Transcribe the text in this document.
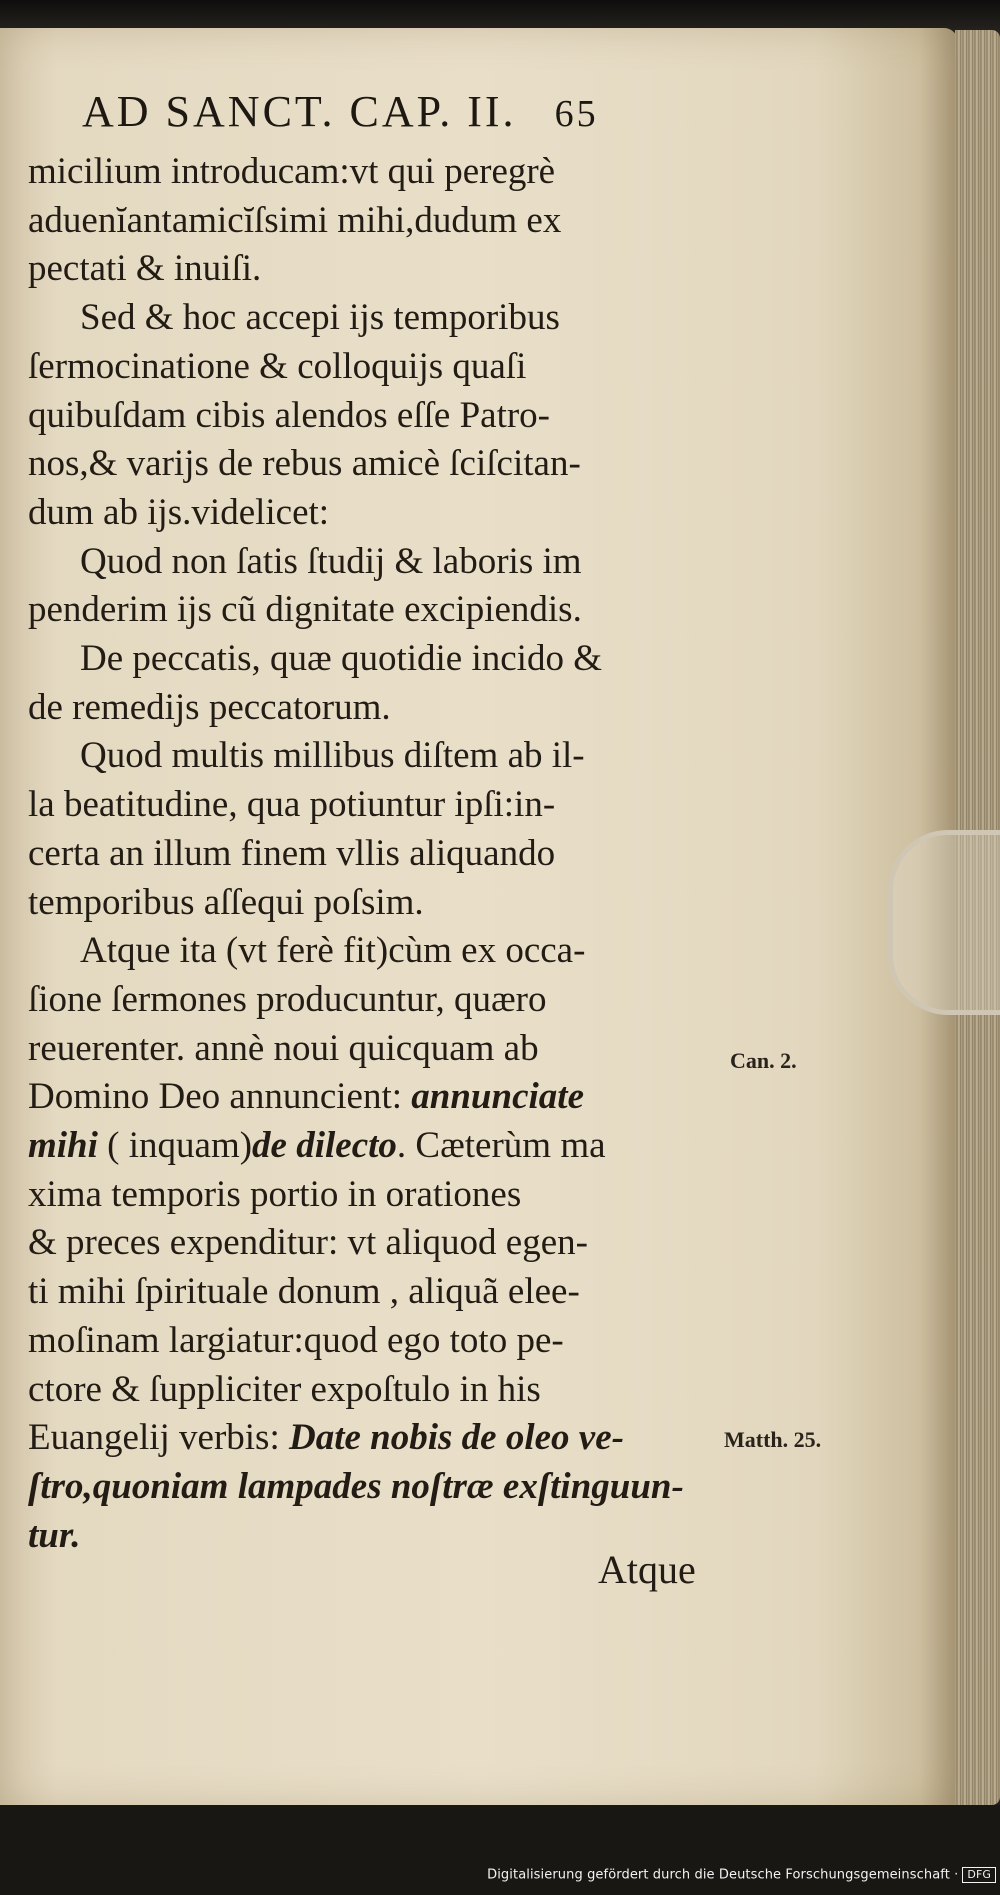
AD SANCT. CAP. II. 65
micilium introducam:vt qui peregrè
aduenĭantamicĭſsimi mihi,dudum ex
pectati & inuiſi.
Sed & hoc accepi ijs temporibus
ſermocinatione & colloquijs quaſi
quibuſdam cibis alendos eſſe Patro-
nos,& varijs de rebus amicè ſciſcitan-
dum ab ijs.videlicet:
Quod non ſatis ſtudij & laboris im
penderim ijs cũ dignitate excipiendis.
De peccatis, quæ quotidie incido &
de remedijs peccatorum.
Quod multis millibus diſtem ab il-
la beatitudine, qua potiuntur ipſi:in-
certa an illum finem vllis aliquando
temporibus aſſequi poſsim.
Atque ita (vt ferè fit)cùm ex occa-
ſione ſermones producuntur, quæro
reuerenter. annè noui quicquam ab
Domino Deo annuncient: annunciate
mihi ( inquam)de dilecto. Cæterùm ma
xima temporis portio in orationes
& preces expenditur: vt aliquod egen-
ti mihi ſpirituale donum , aliquã elee-
moſinam largiatur:quod ego toto pe-
ctore & ſuppliciter expoſtulo in his
Euangelij verbis: Date nobis de oleo ve-
ſtro,quoniam lampades noſtræ exſtinguun-
tur.
Can. 2.
Matth. 25.
Atque
Digitalisierung gefördert durch die Deutsche Forschungsgemeinschaft · DFG
